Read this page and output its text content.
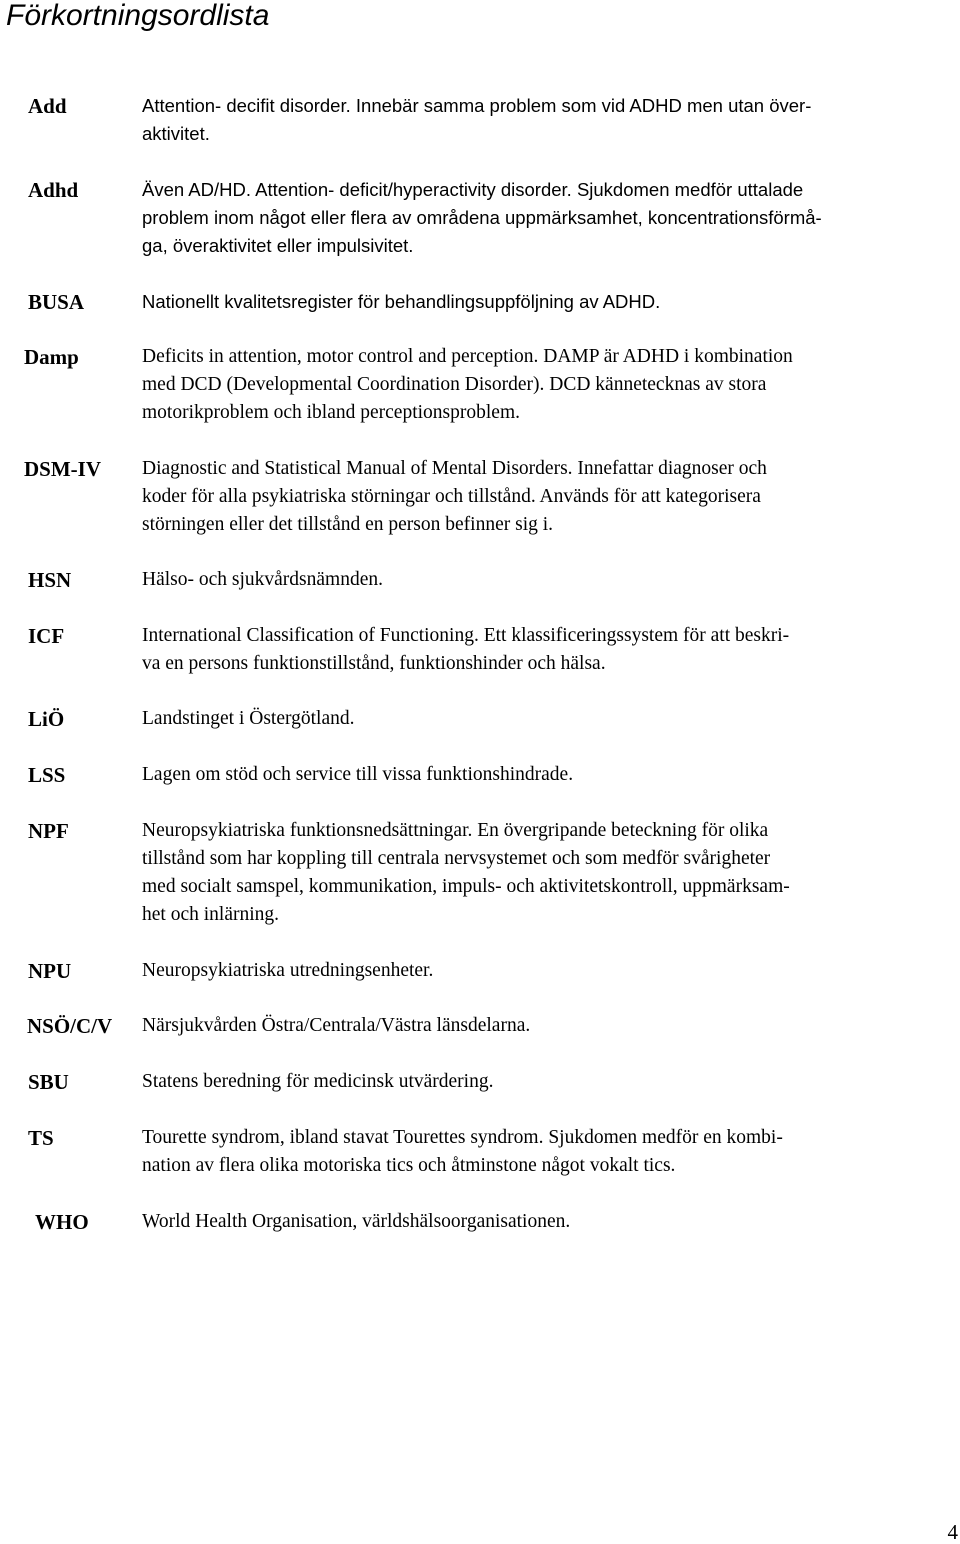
Förkortningsordlista
Add	Attention- decifit disorder. Innebär samma problem som vid ADHD men utan över-
aktivitet.
Adhd	Även AD/HD. Attention- deficit/hyperactivity disorder. Sjukdomen medför uttalade
problem inom något eller flera av områdena uppmärksamhet, koncentrationsförmå-
ga, överaktivitet eller impulsivitet.
BUSA	Nationellt kvalitetsregister för behandlingsuppföljning av ADHD.
Damp	Deficits in attention, motor control and perception. DAMP är ADHD i kombination
med DCD (Developmental Coordination Disorder). DCD kännetecknas av stora
motorikproblem och ibland perceptionsproblem.
DSM-IV Diagnostic and Statistical Manual of Mental Disorders. Innefattar diagnoser och
koder för alla psykiatriska störningar och tillstånd. Används för att kategorisera
störningen eller det tillstånd en person befinner sig i.
HSN	Hälso- och sjukvårdsnämnden.
ICF	International Classification of Functioning. Ett klassificeringssystem för att beskri-
va en persons funktionstillstånd, funktionshinder och hälsa.
LiÖ	Landstinget i Östergötland.
LSS	Lagen om stöd och service till vissa funktionshindrade.
NPF	Neuropsykiatriska funktionsnedsättningar. En övergripande beteckning för olika
tillstånd som har koppling till centrala nervsystemet och som medför svårigheter
med socialt samspel, kommunikation, impuls- och aktivitetskontroll, uppmärksam-
het och inlärning.
NPU	Neuropsykiatriska utredningsenheter.
NSÖ/C/V Närsjukvården Östra/Centrala/Västra länsdelarna.
SBU	Statens beredning för medicinsk utvärdering.
TS	Tourette syndrom, ibland stavat Tourettes syndrom. Sjukdomen medför en kombi-
nation av flera olika motoriska tics och åtminstone något vokalt tics.
WHO	World Health Organisation, världshälsoorganisationen.
4
